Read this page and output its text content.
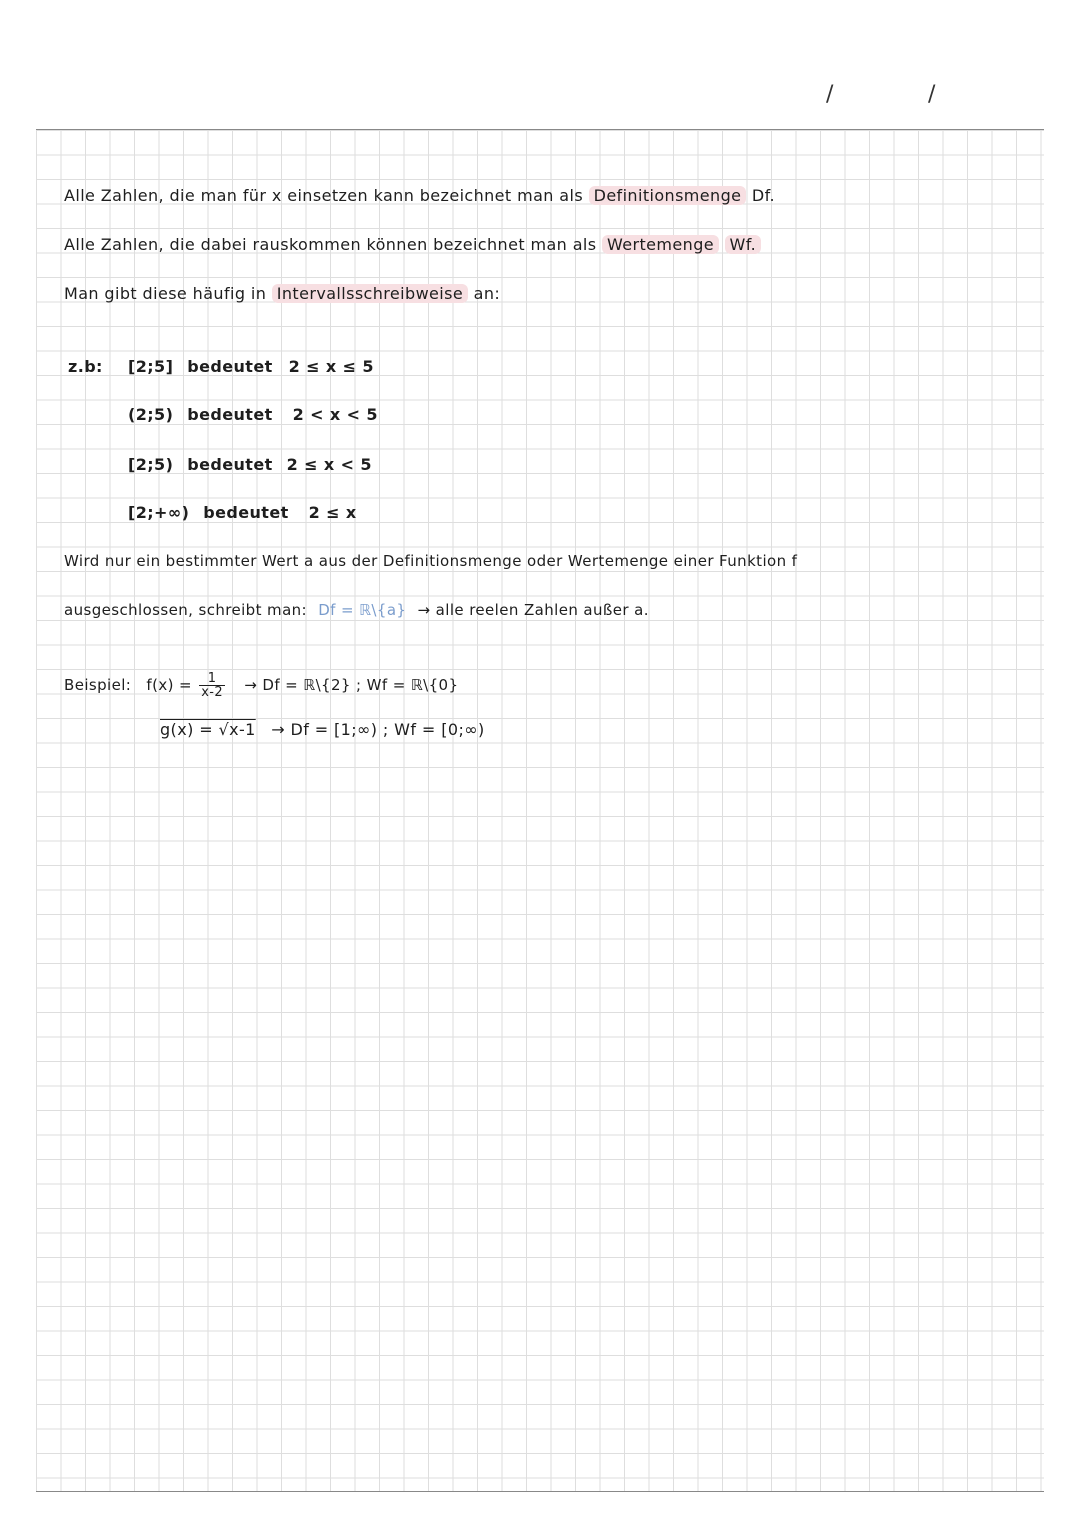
/	/
Alle Zahlen, die man für x einsetzen kann bezeichnet man als Definitionsmenge Df.
Alle Zahlen, die dabei rauskommen können bezeichnet man als Wertemenge Wf.
Man gibt diese häufig in Intervallsschreibweise an:
z.b: [2;5] bedeutet 2 ≤ x ≤ 5
(2;5) bedeutet 2 < x < 5
[2;5) bedeutet 2 ≤ x < 5
[2;+∞) bedeutet 2 ≤ x
Wird nur ein bestimmter Wert a aus der Definitionsmenge oder Wertemenge einer Funktion f
ausgeschlossen, schreibt man: Df = ℝ\{a} → alle reelen Zahlen außer a.
Beispiel: $f(x) = \frac{1}{x-2} \to Df$ = ℝ\{2} ; Wf = ℝ\{0}
g(x) = √x-1 → Df = [1;∞) ; Wf = [0;∞)
